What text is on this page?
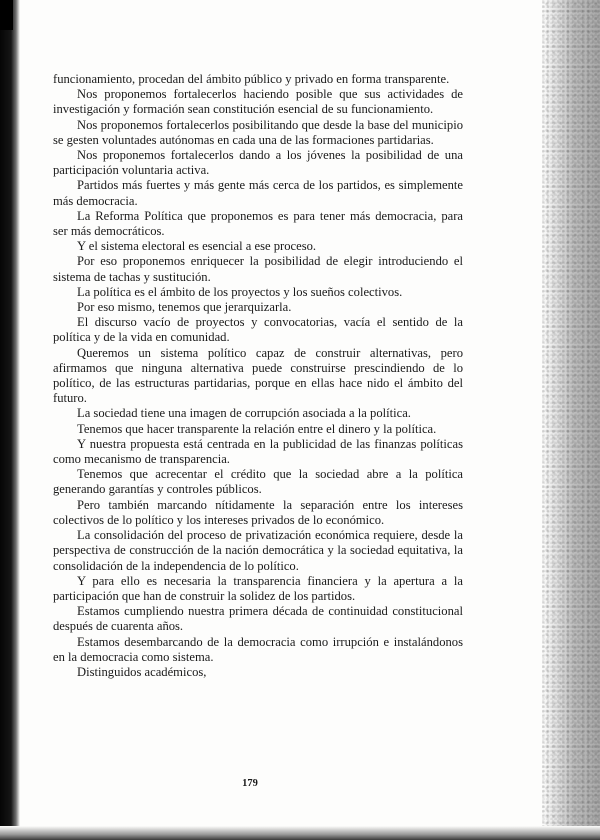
funcionamiento, procedan del ámbito público y privado en forma transparente.

Nos proponemos fortalecerlos haciendo posible que sus actividades de investigación y formación sean constitución esencial de su funcionamiento.

Nos proponemos fortalecerlos posibilitando que desde la base del municipio se gesten voluntades autónomas en cada una de las formaciones partidarias.

Nos proponemos fortalecerlos dando a los jóvenes la posibilidad de una participación voluntaria activa.

Partidos más fuertes y más gente más cerca de los partidos, es simplemente más democracia.

La Reforma Política que proponemos es para tener más democracia, para ser más democráticos.

Y el sistema electoral es esencial a ese proceso.

Por eso proponemos enriquecer la posibilidad de elegir introduciendo el sistema de tachas y sustitución.

La política es el ámbito de los proyectos y los sueños colectivos.

Por eso mismo, tenemos que jerarquizarla.

El discurso vacío de proyectos y convocatorias, vacía el sentido de la política y de la vida en comunidad.

Queremos un sistema político capaz de construir alternativas, pero afirmamos que ninguna alternativa puede construirse prescindiendo de lo político, de las estructuras partidarias, porque en ellas hace nido el ámbito del futuro.

La sociedad tiene una imagen de corrupción asociada a la política.

Tenemos que hacer transparente la relación entre el dinero y la política.

Y nuestra propuesta está centrada en la publicidad de las finanzas políticas como mecanismo de transparencia.

Tenemos que acrecentar el crédito que la sociedad abre a la política generando garantías y controles públicos.

Pero también marcando nítidamente la separación entre los intereses colectivos de lo político y los intereses privados de lo económico.

La consolidación del proceso de privatización económica requiere, desde la perspectiva de construcción de la nación democrática y la sociedad equitativa, la consolidación de la independencia de lo político.

Y para ello es necesaria la transparencia financiera y la apertura a la participación que han de construir la solidez de los partidos.

Estamos cumpliendo nuestra primera década de continuidad constitucional después de cuarenta años.

Estamos desembarcando de la democracia como irrupción e instalándonos en la democracia como sistema.

Distinguidos académicos,

179
